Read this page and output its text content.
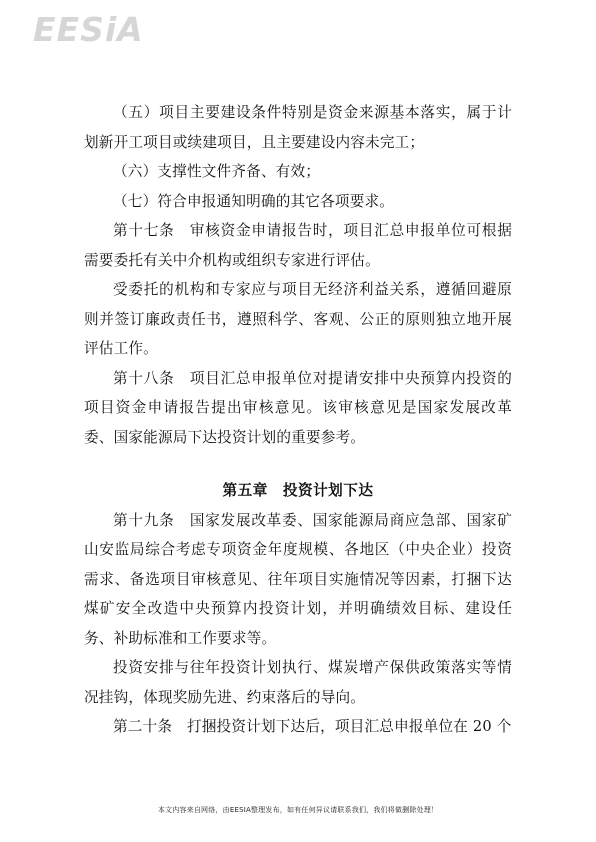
EESiA

（五）项目主要建设条件特别是资金来源基本落实，属于计划新开工项目或续建项目，且主要建设内容未完工；

（六）支撑性文件齐备、有效；

（七）符合申报通知明确的其它各项要求。

第十七条　审核资金申请报告时，项目汇总申报单位可根据需要委托有关中介机构或组织专家进行评估。

受委托的机构和专家应与项目无经济利益关系，遵循回避原则并签订廉政责任书，遵照科学、客观、公正的原则独立地开展评估工作。

第十八条　项目汇总申报单位对提请安排中央预算内投资的项目资金申请报告提出审核意见。该审核意见是国家发展改革委、国家能源局下达投资计划的重要参考。

第五章　投资计划下达

第十九条　国家发展改革委、国家能源局商应急部、国家矿山安监局综合考虑专项资金年度规模、各地区（中央企业）投资需求、备选项目审核意见、往年项目实施情况等因素，打捆下达煤矿安全改造中央预算内投资计划，并明确绩效目标、建设任务、补助标准和工作要求等。

投资安排与往年投资计划执行、煤炭增产保供政策落实等情况挂钩，体现奖励先进、约束落后的导向。

第二十条　打捆投资计划下达后，项目汇总申报单位在 20 个

本文内容来自网络，由EESIA整理发布，如有任何异议请联系我们，我们将做删除处理！
